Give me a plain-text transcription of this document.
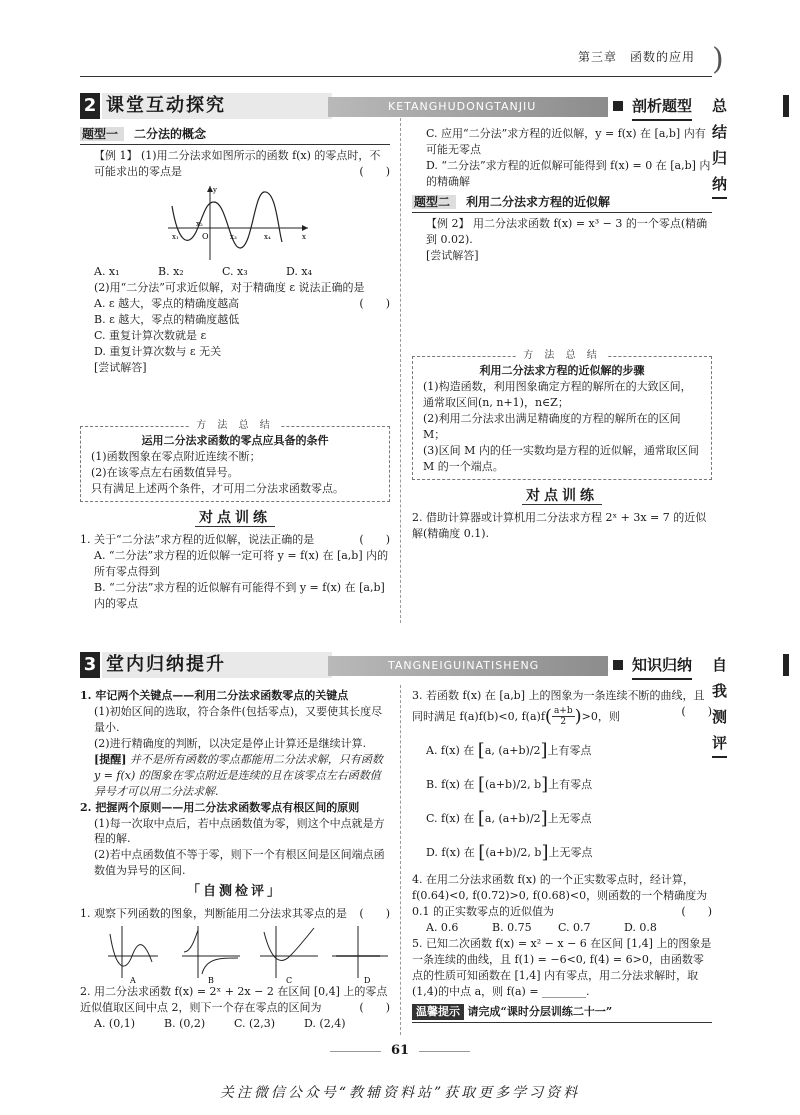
第三章　函数的应用 )
2 课堂互动探究	KETANGHUDONGTANJIU	剖析题型 总结归纳
题型一 二分法的概念

【例 1】 (1)用二分法求如图所示的函数 f(x) 的零点时，不可能求出的零点是	(　　)

x₁
x₂
O	x₃	x₄	x
y

A. x₁	B. x₂	C. x₃	D. x₄

(2)用“二分法”可求近似解，对于精确度 ε 说法正确的是
(　　)

A. ε 越大，零点的精确度越高

B. ε 越大，零点的精确度越低

C. 重复计算次数就是 ε

D. 重复计算次数与 ε 无关

[尝试解答]

方 法 总 结
运用二分法求函数的零点应具备的条件

(1)函数图象在零点附近连续不断；

(2)在该零点左右函数值异号。

只有满足上述两个条件，才可用二分法求函数零点。

对点训练

1. 关于“二分法”求方程的近似解，说法正确的是	(　　)

A. “二分法”求方程的近似解一定可将 y = f(x) 在 [a,b] 内的所有零点得到

B. “二分法”求方程的近似解有可能得不到 y = f(x) 在 [a,b] 内的零点

C. 应用“二分法”求方程的近似解，y = f(x) 在 [a,b] 内有可能无零点

D. “二分法”求方程的近似解可能得到 f(x) = 0 在 [a,b] 内的精确解

题型二 利用二分法求方程的近似解

【例 2】 用二分法求函数 f(x) = x³ − 3 的一个零点(精确到 0.02).

[尝试解答]

方 法 总 结
利用二分法求方程的近似解的步骤

(1)构造函数，利用图象确定方程的解所在的大致区间，通常取区间(n, n+1)，n∈Z；

(2)利用二分法求出满足精确度的方程的解所在的区间 M；

(3)区间 M 内的任一实数均是方程的近似解，通常取区间 M 的一个端点。

对点训练

2. 借助计算器或计算机用二分法求方程 2ˣ + 3x = 7 的近似解(精确度 0.1).

3 堂内归纳提升	TANGNEIGUINATISHENG	知识归纳 自我测评

1. 牢记两个关键点——利用二分法求函数零点的关键点

(1)初始区间的选取，符合条件(包括零点)，又要使其长度尽量小.

(2)进行精确度的判断，以决定是停止计算还是继续计算.

[提醒] 并不是所有函数的零点都能用二分法求解，只有函数 y = f(x) 的图象在零点附近是连续的且在该零点左右函数值异号才可以用二分法求解.

2. 把握两个原则——用二分法求函数零点有根区间的原则

(1)每一次取中点后，若中点函数值为零，则这个中点就是方程的解.

(2)若中点函数值不等于零，则下一个有根区间是区间端点函数值为异号的区间.

「自测检评」

1. 观察下列函数的图象，判断能用二分法求其零点的是 (　　)

A	B	C	D

2. 用二分法求函数 f(x) = 2ˣ + 2x − 2 在区间 [0,4] 上的零点近似值取区间中点 2，则下一个存在零点的区间为	(　　)

A. (0,1)	B. (0,2)	C. (2,3)	D. (2,4)

3. 若函数 f(x) 在 [a,b] 上的图象为一条连续不断的曲线，且同时满足 f(a)f(b)<0, $f(a)f( \frac{a+b}{2} )>0$，则	(　　)

A. f(x) 在 [a, (a+b)/2]上有零点

B. f(x) 在 [(a+b)/2, b]上有零点

C. f(x) 在 [a, (a+b)/2]上无零点

D. f(x) 在 [(a+b)/2, b]上无零点

4. 在用二分法求函数 f(x) 的一个正实数零点时，经计算，f(0.64)<0, f(0.72)>0, f(0.68)<0，则函数的一个精确度为 0.1 的正实数零点的近似值为	(　　)

A. 0.6	B. 0.75 C. 0.7	D. 0.8

5. 已知二次函数 f(x) = x² − x − 6 在区间 [1,4] 上的图象是一条连续的曲线，且 f(1) = −6<0, f(4) = 6>0，由函数零点的性质可知函数在 [1,4] 内有零点，用二分法求解时，取(1,4)的中点 a，则 f(a) = ________.

温馨提示 请完成“课时分层训练二十一”

61
关注微信公众号“教辅资料站”获取更多学习资料
